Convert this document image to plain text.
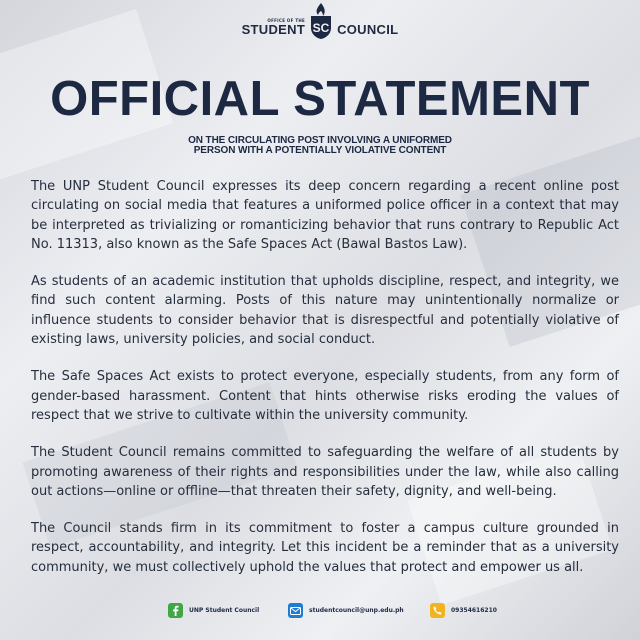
OFFICE OF THE
STUDENT SC COUNCIL
OFFICIAL STATEMENT
ON THE CIRCULATING POST INVOLVING A UNIFORMED
PERSON WITH A POTENTIALLY VIOLATIVE CONTENT

The UNP Student Council expresses its deep concern regarding a recent online post circulating on social media that features a uniformed police officer in a context that may be interpreted as trivializing or romanticizing behavior that runs contrary to Republic Act No. 11313, also known as the Safe Spaces Act (Bawal Bastos Law).

As students of an academic institution that upholds discipline, respect, and integrity, we find such content alarming. Posts of this nature may unintentionally normalize or influence students to consider behavior that is disrespectful and potentially violative of existing laws, university policies, and social conduct.

The Safe Spaces Act exists to protect everyone, especially students, from any form of gender-based harassment. Content that hints otherwise risks eroding the values of respect that we strive to cultivate within the university community.

The Student Council remains committed to safeguarding the welfare of all students by promoting awareness of their rights and responsibilities under the law, while also calling out actions—online or offline—that threaten their safety, dignity, and well-being.

The Council stands firm in its commitment to foster a campus culture grounded in respect, accountability, and integrity. Let this incident be a reminder that as a university community, we must collectively uphold the values that protect and empower us all.

UNP Student Council	studentcouncil@unp.edu.ph	09354616210
